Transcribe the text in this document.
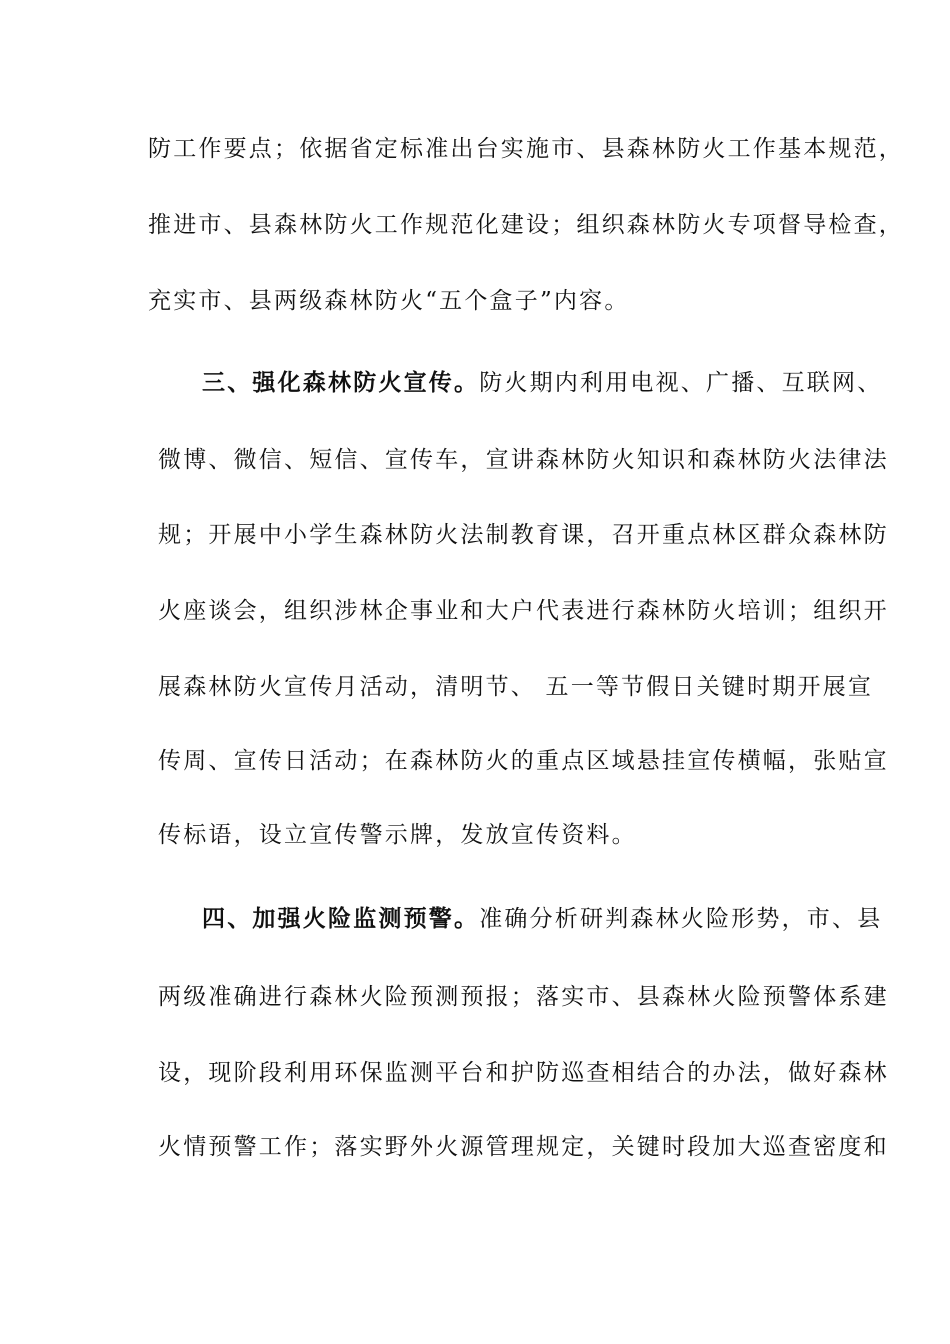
防工作要点；依据省定标准出台实施市、县森林防火工作基本规范，
推进市、县森林防火工作规范化建设；组织森林防火专项督导检查，
充实市、县两级森林防火“五个盒子”内容。
三、强化森林防火宣传。防火期内利用电视、广播、互联网、
微博、微信、短信、宣传车，宣讲森林防火知识和森林防火法律法
规；开展中小学生森林防火法制教育课，召开重点林区群众森林防
火座谈会，组织涉林企事业和大户代表进行森林防火培训；组织开
展森林防火宣传月活动，清明节、 五一等节假日关键时期开展宣
传周、宣传日活动；在森林防火的重点区域悬挂宣传横幅，张贴宣
传标语，设立宣传警示牌，发放宣传资料。
四、加强火险监测预警。准确分析研判森林火险形势，市、县
两级准确进行森林火险预测预报；落实市、县森林火险预警体系建
设，现阶段利用环保监测平台和护防巡查相结合的办法，做好森林
火情预警工作；落实野外火源管理规定，关键时段加大巡查密度和
